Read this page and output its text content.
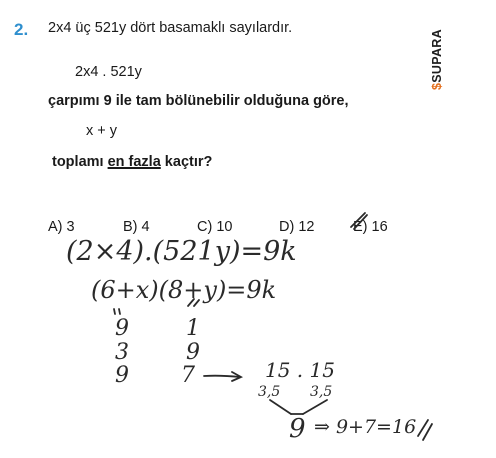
2. 2x4 üç 521y dört basamaklı sayılardır.
2x4 . 521y
çarpımı 9 ile tam bölünebilir olduğuna göre,
x + y
toplamı en fazla kaçtır?
A) 3	B) 4	C) 10	D) 12	E) 16
$SUPARA
(2×4).(521y)=9k
(6+x)(8+y)=9k
9
3
9
1
9
7	15 . 15
3,5 3,5
9 ⇒ 9+7=16
